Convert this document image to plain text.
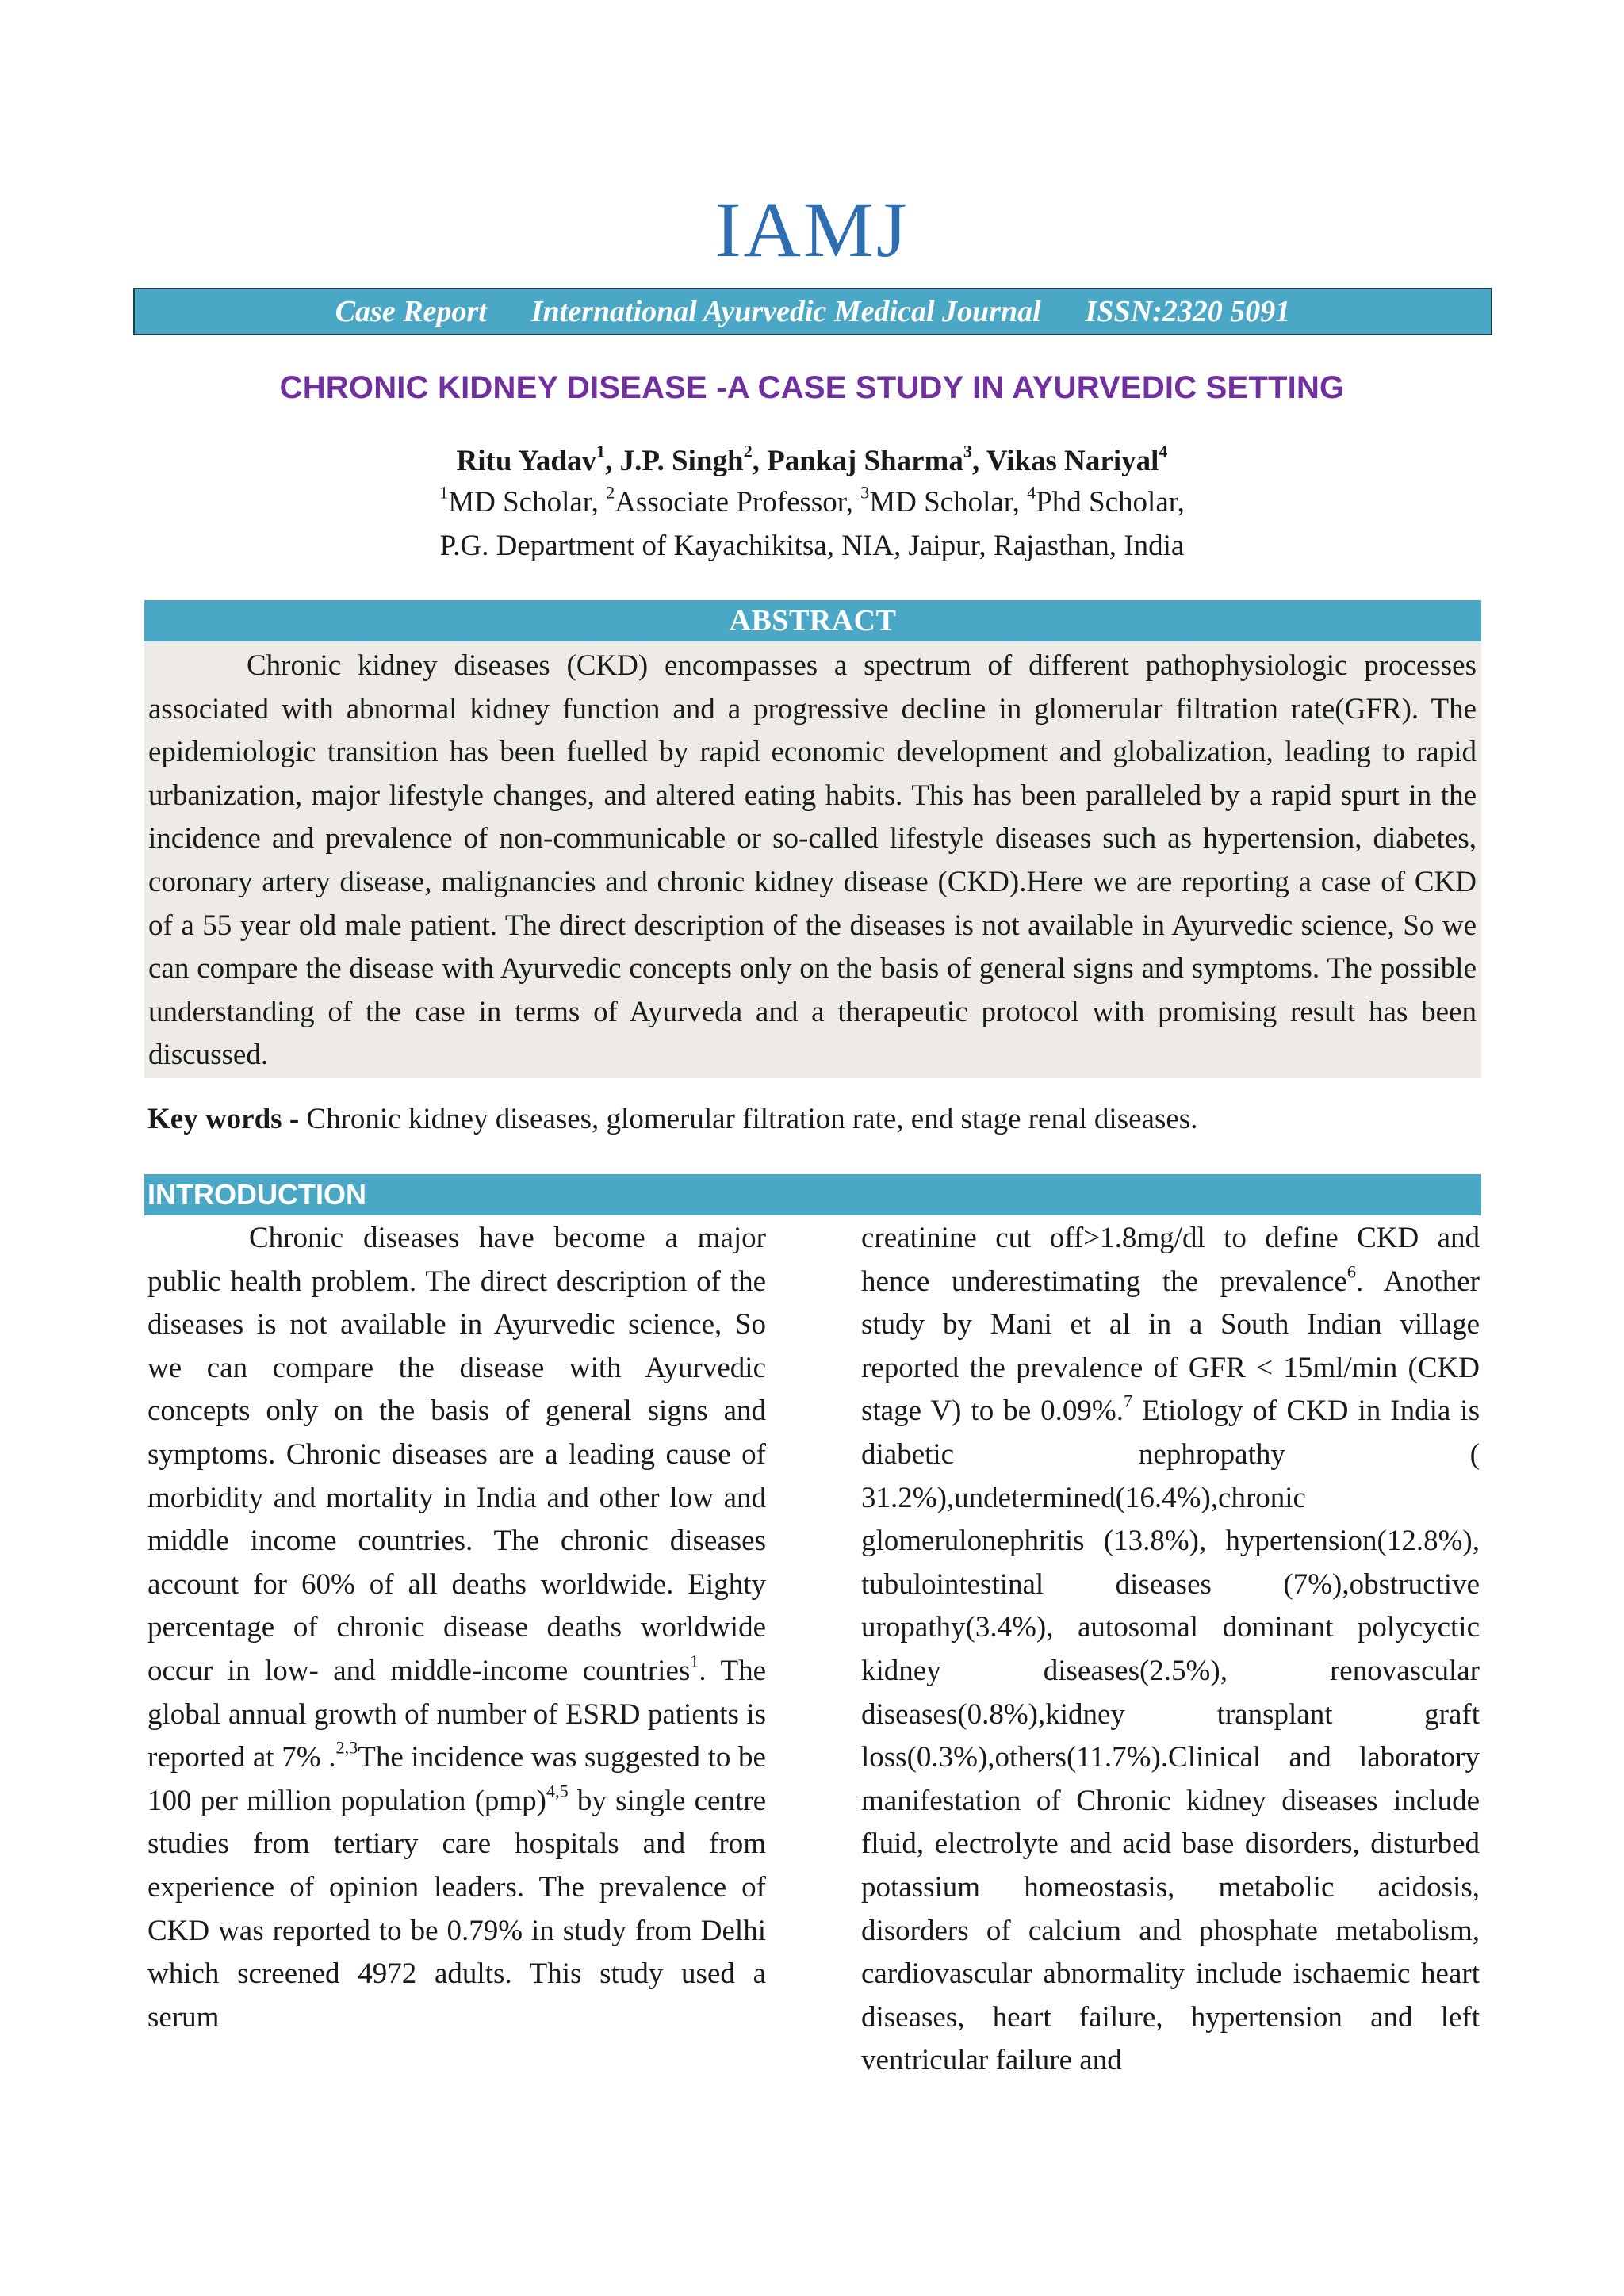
IAMJ
Case Report International Ayurvedic Medical Journal ISSN:2320 5091
CHRONIC KIDNEY DISEASE -A CASE STUDY IN AYURVEDIC SETTING
Ritu Yadav$^1$, J.P. Singh$^2$, Pankaj Sharma$^3$, Vikas Nariyal$^4$
$^1$MD Scholar, $^2$Associate Professor, $^3$MD Scholar, $^4$Phd Scholar,
P.G. Department of Kayachikitsa, NIA, Jaipur, Rajasthan, India
ABSTRACT

Chronic kidney diseases (CKD) encompasses a spectrum of different pathophysiologic processes associated with abnormal kidney function and a progressive decline in glomerular filtration rate(GFR). The epidemiologic transition has been fuelled by rapid economic development and globalization, leading to rapid urbanization, major lifestyle changes, and altered eating habits. This has been paralleled by a rapid spurt in the incidence and prevalence of non-communicable or so-called lifestyle diseases such as hypertension, diabetes, coronary artery disease, malignancies and chronic kidney disease (CKD).Here we are reporting a case of CKD of a 55 year old male patient. The direct description of the diseases is not available in Ayurvedic science, So we can compare the disease with Ayurvedic concepts only on the basis of general signs and symptoms. The possible understanding of the case in terms of Ayurveda and a therapeutic protocol with promising result has been discussed.

Key words - Chronic kidney diseases, glomerular filtration rate, end stage renal diseases.
INTRODUCTION

Chronic diseases have become a major public health problem. The direct description of the diseases is not available in Ayurvedic science, So we can compare the disease with Ayurvedic concepts only on the basis of general signs and symptoms. Chronic diseases are a leading cause of morbidity and mortality in India and other low and middle income countries. The chronic diseases account for 60% of all deaths worldwide. Eighty percentage of chronic disease deaths worldwide occur in low- and middle-income countries$^1$. The global annual growth of number of ESRD patients is reported at 7% .$^{2,3}$The incidence was suggested to be 100 per million population (pmp)$^{4,5}$ by single centre studies from tertiary care hospitals and from experience of opinion leaders. The prevalence of CKD was reported to be 0.79% in study from Delhi which screened 4972 adults. This study used a serum

creatinine cut off>1.8mg/dl to define CKD and hence underestimating the prevalence$^6$. Another study by Mani et al in a South Indian village reported the prevalence of GFR < 15ml/min (CKD stage V) to be 0.09%.$^7$ Etiology of CKD in India is diabetic nephropathy ( 31.2%),undetermined(16.4%),chronic glomerulonephritis (13.8%), hypertension(12.8%), tubulointestinal diseases (7%),obstructive uropathy(3.4%), autosomal dominant polycyctic kidney diseases(2.5%), renovascular diseases(0.8%),kidney transplant graft loss(0.3%),others(11.7%).Clinical and laboratory manifestation of Chronic kidney diseases include fluid, electrolyte and acid base disorders, disturbed potassium homeostasis, metabolic acidosis, disorders of calcium and phosphate metabolism, cardiovascular abnormality include ischaemic heart diseases, heart failure, hypertension and left ventricular failure and
